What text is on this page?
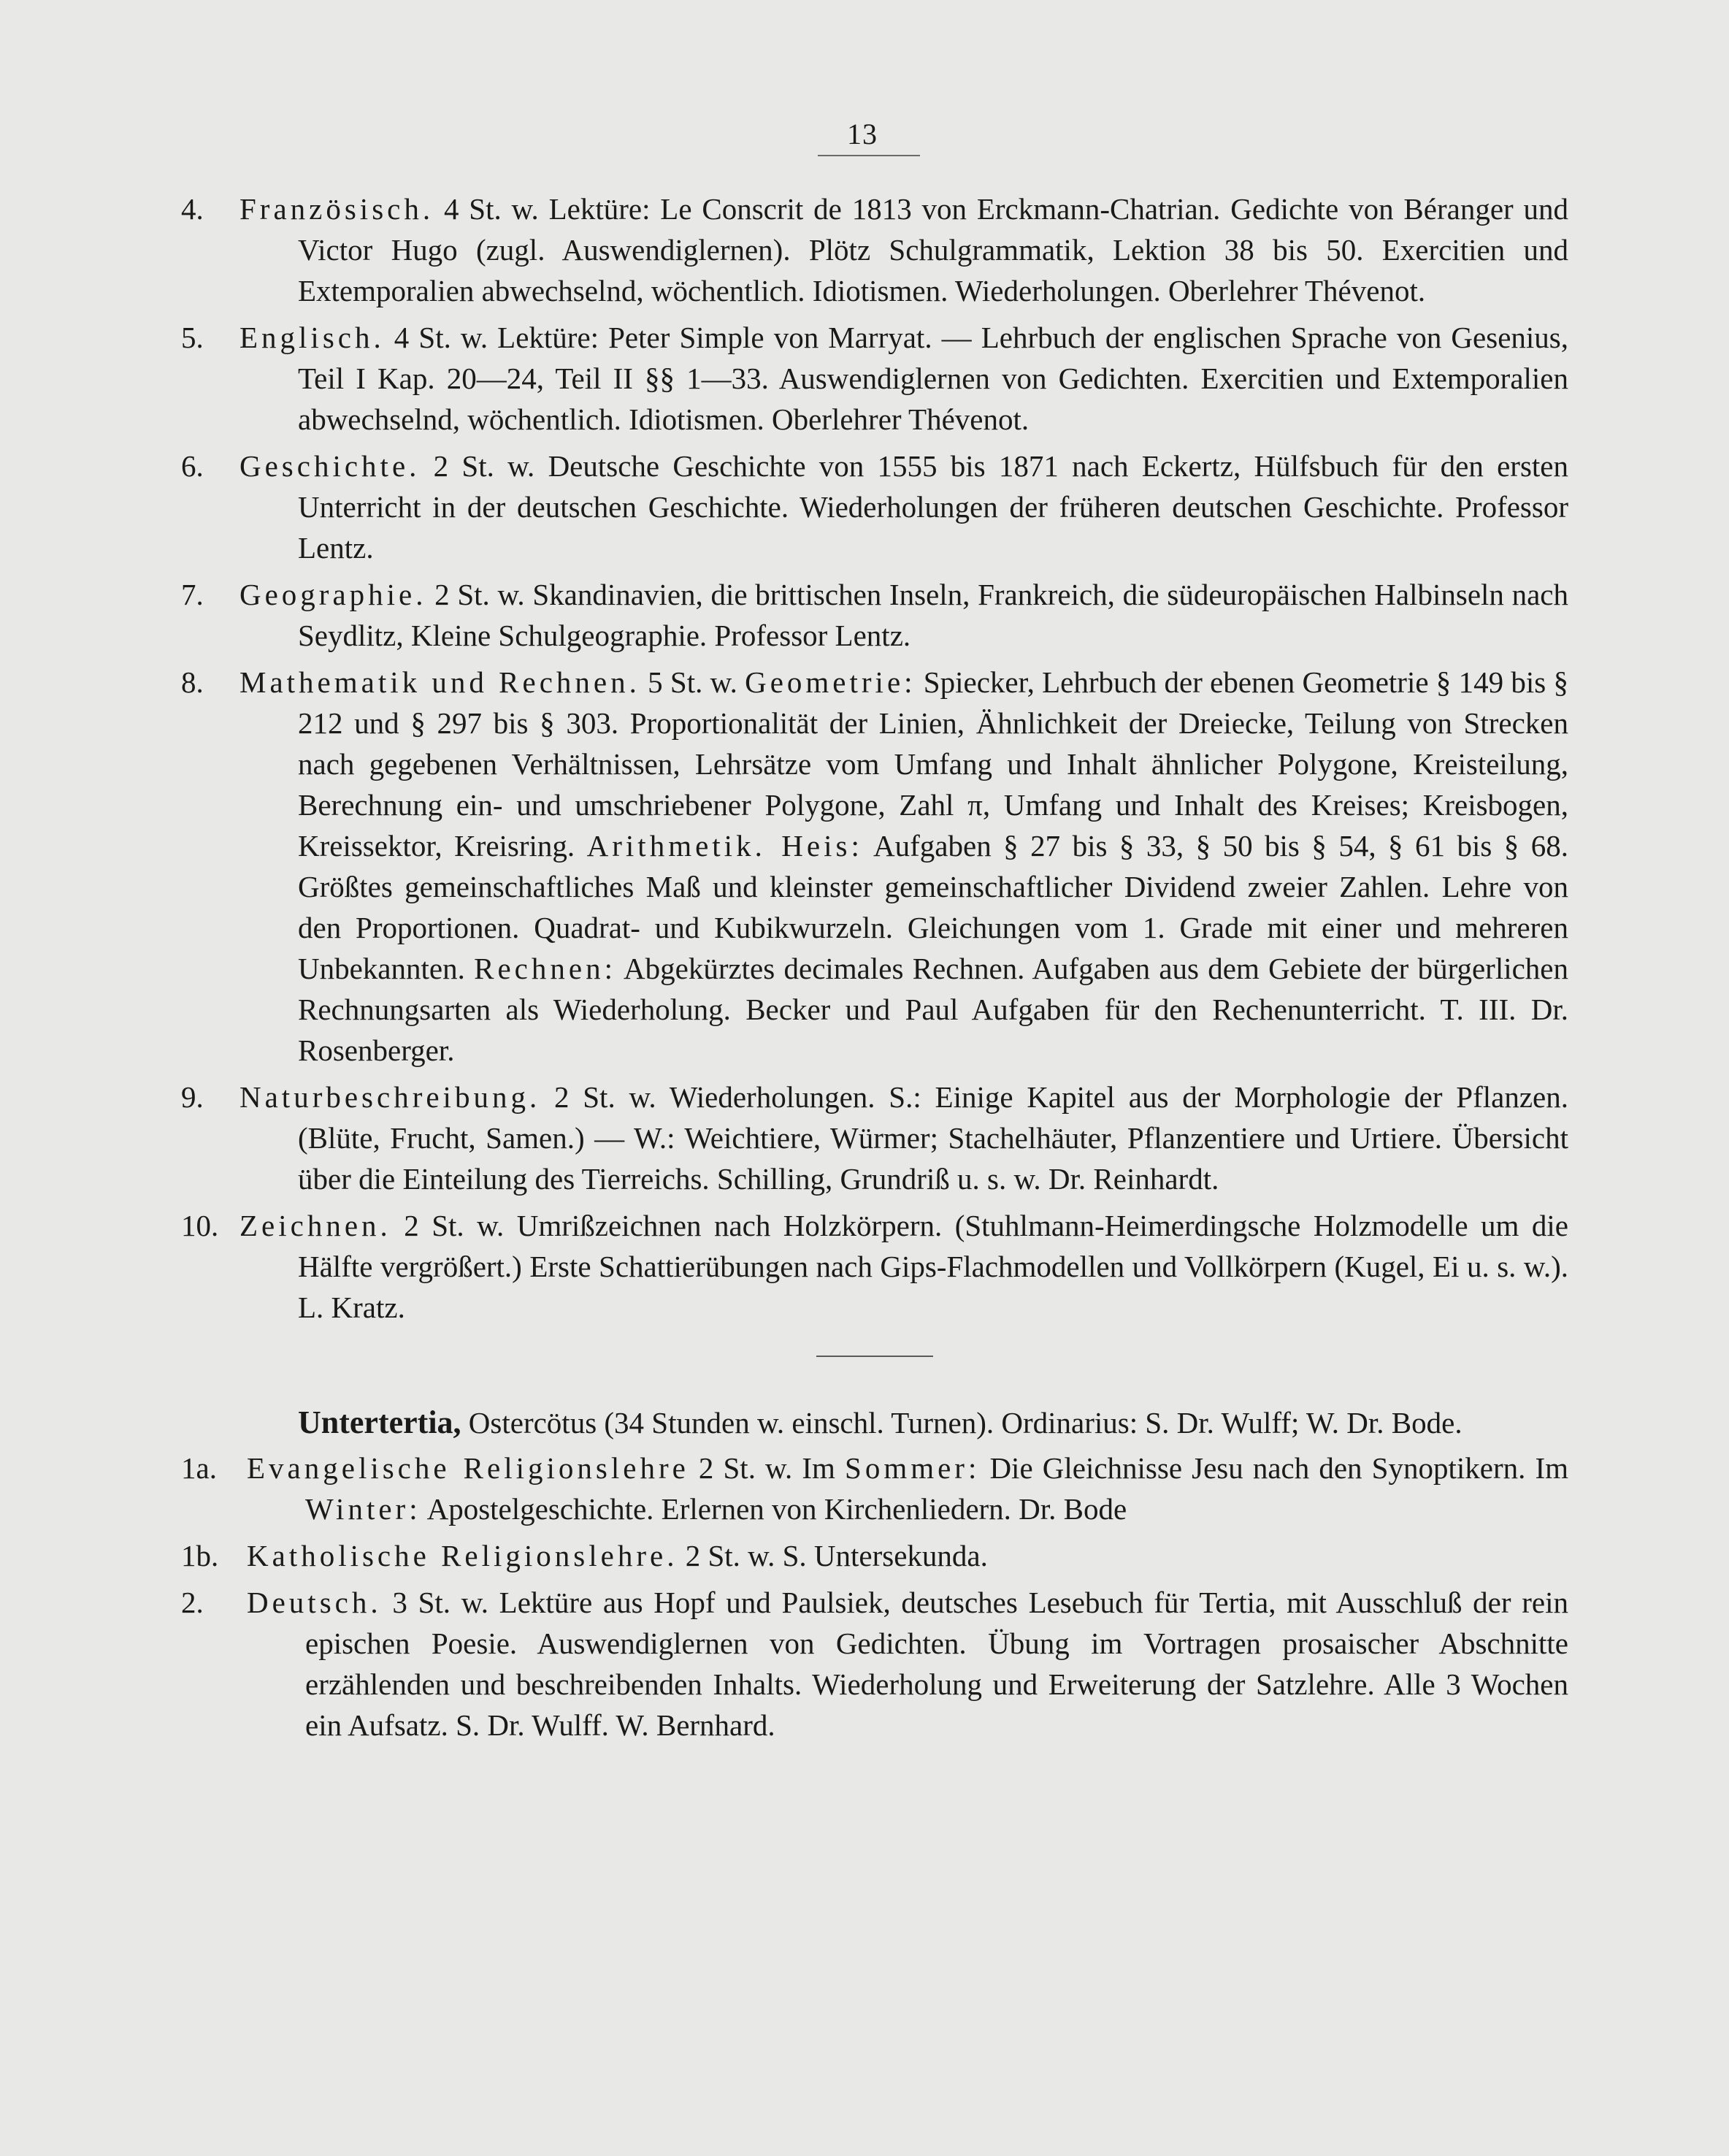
13

4. Französisch. 4 St. w. Lektüre: Le Conscrit de 1813 von Erckmann-Chatrian. Gedichte von Béranger und Victor Hugo (zugl. Auswendiglernen). Plötz Schulgrammatik, Lektion 38 bis 50. Exercitien und Extemporalien abwechselnd, wöchentlich. Idiotismen. Wiederholungen. Oberlehrer Thévenot.

5. Englisch. 4 St. w. Lektüre: Peter Simple von Marryat. — Lehrbuch der englischen Sprache von Gesenius, Teil I Kap. 20—24, Teil II §§ 1—33. Auswendiglernen von Gedichten. Exercitien und Extemporalien abwechselnd, wöchentlich. Idiotismen. Oberlehrer Thévenot.

6. Geschichte. 2 St. w. Deutsche Geschichte von 1555 bis 1871 nach Eckertz, Hülfsbuch für den ersten Unterricht in der deutschen Geschichte. Wiederholungen der früheren deutschen Geschichte. Professor Lentz.

7. Geographie. 2 St. w. Skandinavien, die brittischen Inseln, Frankreich, die südeuropäischen Halbinseln nach Seydlitz, Kleine Schulgeographie. Professor Lentz.

8. Mathematik und Rechnen. 5 St. w. Geometrie: Spiecker, Lehrbuch der ebenen Geometrie § 149 bis § 212 und § 297 bis § 303. Proportionalität der Linien, Ähnlichkeit der Dreiecke, Teilung von Strecken nach gegebenen Verhältnissen, Lehrsätze vom Umfang und Inhalt ähnlicher Polygone, Kreisteilung, Berechnung ein- und umschriebener Polygone, Zahl π, Umfang und Inhalt des Kreises; Kreisbogen, Kreissektor, Kreisring. Arithmetik. Heis: Aufgaben § 27 bis § 33, § 50 bis § 54, § 61 bis § 68. Größtes gemeinschaftliches Maß und kleinster gemeinschaftlicher Dividend zweier Zahlen. Lehre von den Proportionen. Quadrat- und Kubikwurzeln. Gleichungen vom 1. Grade mit einer und mehreren Unbekannten. Rechnen: Abgekürztes decimales Rechnen. Aufgaben aus dem Gebiete der bürgerlichen Rechnungsarten als Wiederholung. Becker und Paul Aufgaben für den Rechenunterricht. T. III. Dr. Rosenberger.

9. Naturbeschreibung. 2 St. w. Wiederholungen. S.: Einige Kapitel aus der Morphologie der Pflanzen. (Blüte, Frucht, Samen.) — W.: Weichtiere, Würmer; Stachelhäuter, Pflanzentiere und Urtiere. Übersicht über die Einteilung des Tierreichs. Schilling, Grundriß u. s. w. Dr. Reinhardt.

10. Zeichnen. 2 St. w. Umrißzeichnen nach Holzkörpern. (Stuhlmann-Heimerdingsche Holzmodelle um die Hälfte vergrößert.) Erste Schattierübungen nach Gips-Flachmodellen und Vollkörpern (Kugel, Ei u. s. w.). L. Kratz.

Untertertia, Ostercötus (34 Stunden w. einschl. Turnen). Ordinarius: S. Dr. Wulff; W. Dr. Bode.

1a. Evangelische Religionslehre 2 St. w. Im Sommer: Die Gleichnisse Jesu nach den Synoptikern. Im Winter: Apostelgeschichte. Erlernen von Kirchenliedern. Dr. Bode

1b. Katholische Religionslehre. 2 St. w. S. Untersekunda.

2. Deutsch. 3 St. w. Lektüre aus Hopf und Paulsiek, deutsches Lesebuch für Tertia, mit Ausschluß der rein epischen Poesie. Auswendiglernen von Gedichten. Übung im Vortragen prosaischer Abschnitte erzählenden und beschreibenden Inhalts. Wiederholung und Erweiterung der Satzlehre. Alle 3 Wochen ein Aufsatz. S. Dr. Wulff. W. Bernhard.
